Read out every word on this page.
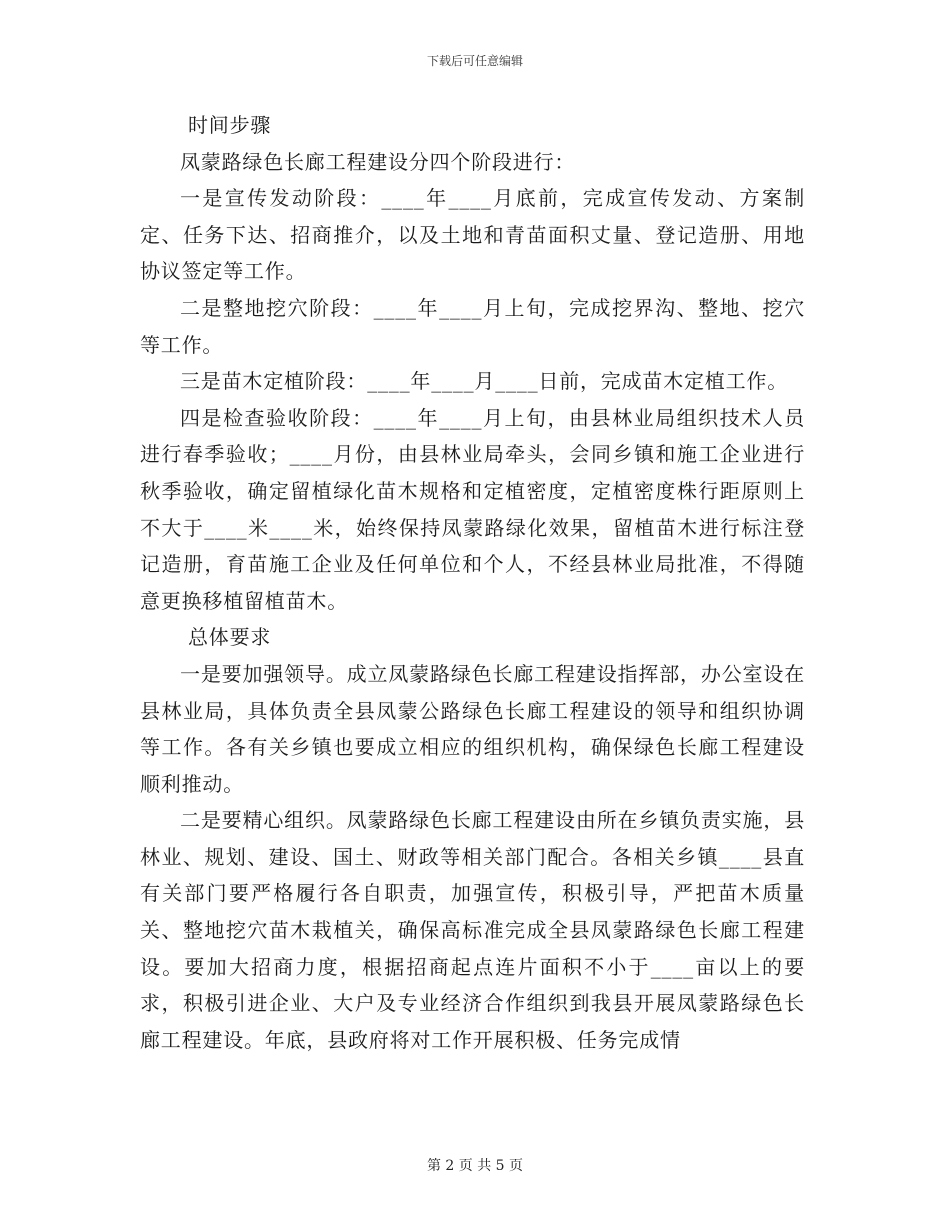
下载后可任意编辑

时间步骤

凤蒙路绿色长廊工程建设分四个阶段进行：

一是宣传发动阶段：____年____月底前，完成宣传发动、方案制定、任务下达、招商推介，以及土地和青苗面积丈量、登记造册、用地协议签定等工作。

二是整地挖穴阶段：____年____月上旬，完成挖界沟、整地、挖穴等工作。

三是苗木定植阶段：____年____月____日前，完成苗木定植工作。

四是检查验收阶段：____年____月上旬，由县林业局组织技术人员进行春季验收；____月份，由县林业局牵头，会同乡镇和施工企业进行秋季验收，确定留植绿化苗木规格和定植密度，定植密度株行距原则上不大于____米____米，始终保持凤蒙路绿化效果，留植苗木进行标注登记造册，育苗施工企业及任何单位和个人，不经县林业局批准，不得随意更换移植留植苗木。

总体要求

一是要加强领导。成立凤蒙路绿色长廊工程建设指挥部，办公室设在县林业局，具体负责全县凤蒙公路绿色长廊工程建设的领导和组织协调等工作。各有关乡镇也要成立相应的组织机构，确保绿色长廊工程建设顺利推动。

二是要精心组织。凤蒙路绿色长廊工程建设由所在乡镇负责实施，县林业、规划、建设、国土、财政等相关部门配合。各相关乡镇____县直有关部门要严格履行各自职责，加强宣传，积极引导，严把苗木质量关、整地挖穴苗木栽植关，确保高标准完成全县凤蒙路绿色长廊工程建设。要加大招商力度，根据招商起点连片面积不小于____亩以上的要求，积极引进企业、大户及专业经济合作组织到我县开展凤蒙路绿色长廊工程建设。年底，县政府将对工作开展积极、任务完成情

第 2 页 共 5 页
